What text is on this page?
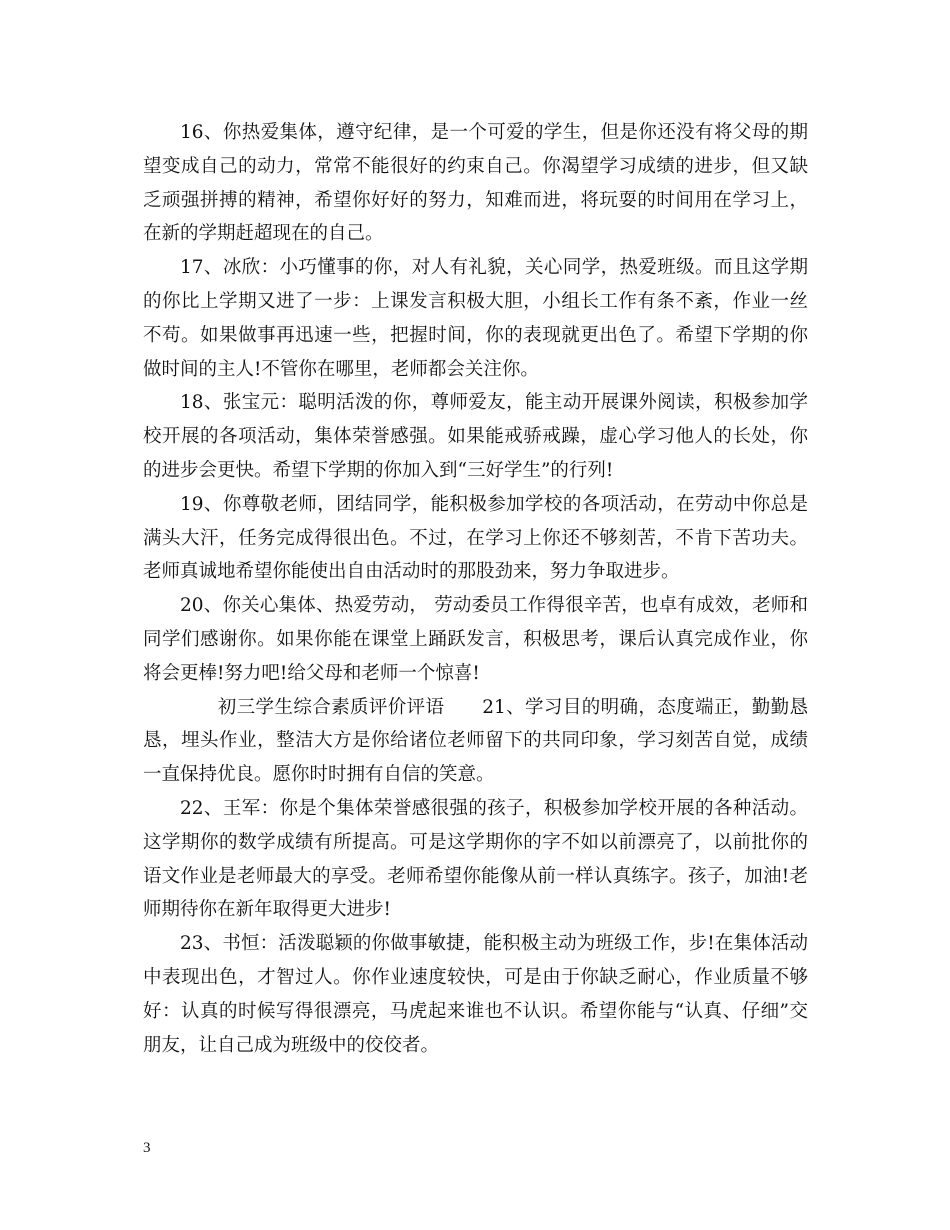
16、你热爱集体，遵守纪律，是一个可爱的学生，但是你还没有将父母的期望变成自己的动力，常常不能很好的约束自己。你渴望学习成绩的进步，但又缺乏顽强拼搏的精神，希望你好好的努力，知难而进，将玩耍的时间用在学习上，在新的学期赶超现在的自己。

17、冰欣：小巧懂事的你，对人有礼貌，关心同学，热爱班级。而且这学期的你比上学期又进了一步：上课发言积极大胆，小组长工作有条不紊，作业一丝不苟。如果做事再迅速一些，把握时间，你的表现就更出色了。希望下学期的你做时间的主人!不管你在哪里，老师都会关注你。

18、张宝元：聪明活泼的你，尊师爱友，能主动开展课外阅读，积极参加学校开展的各项活动，集体荣誉感强。如果能戒骄戒躁，虚心学习他人的长处，你的进步会更快。希望下学期的你加入到“三好学生”的行列!

19、你尊敬老师，团结同学，能积极参加学校的各项活动，在劳动中你总是满头大汗，任务完成得很出色。不过，在学习上你还不够刻苦，不肯下苦功夫。老师真诚地希望你能使出自由活动时的那股劲来，努力争取进步。

20、你关心集体、热爱劳动， 劳动委员工作得很辛苦，也卓有成效，老师和同学们感谢你。如果你能在课堂上踊跃发言，积极思考，课后认真完成作业，你将会更棒!努力吧!给父母和老师一个惊喜!

　　初三学生综合素质评价评语　　21、学习目的明确，态度端正，勤勤恳恳，埋头作业，整洁大方是你给诸位老师留下的共同印象，学习刻苦自觉，成绩一直保持优良。愿你时时拥有自信的笑意。

22、王军：你是个集体荣誉感很强的孩子，积极参加学校开展的各种活动。这学期你的数学成绩有所提高。可是这学期你的字不如以前漂亮了，以前批你的语文作业是老师最大的享受。老师希望你能像从前一样认真练字。孩子，加油!老师期待你在新年取得更大进步!

23、书恒：活泼聪颖的你做事敏捷，能积极主动为班级工作，步!在集体活动中表现出色，才智过人。你作业速度较快，可是由于你缺乏耐心，作业质量不够好：认真的时候写得很漂亮，马虎起来谁也不认识。希望你能与“认真、仔细”交朋友，让自己成为班级中的佼佼者。

3
